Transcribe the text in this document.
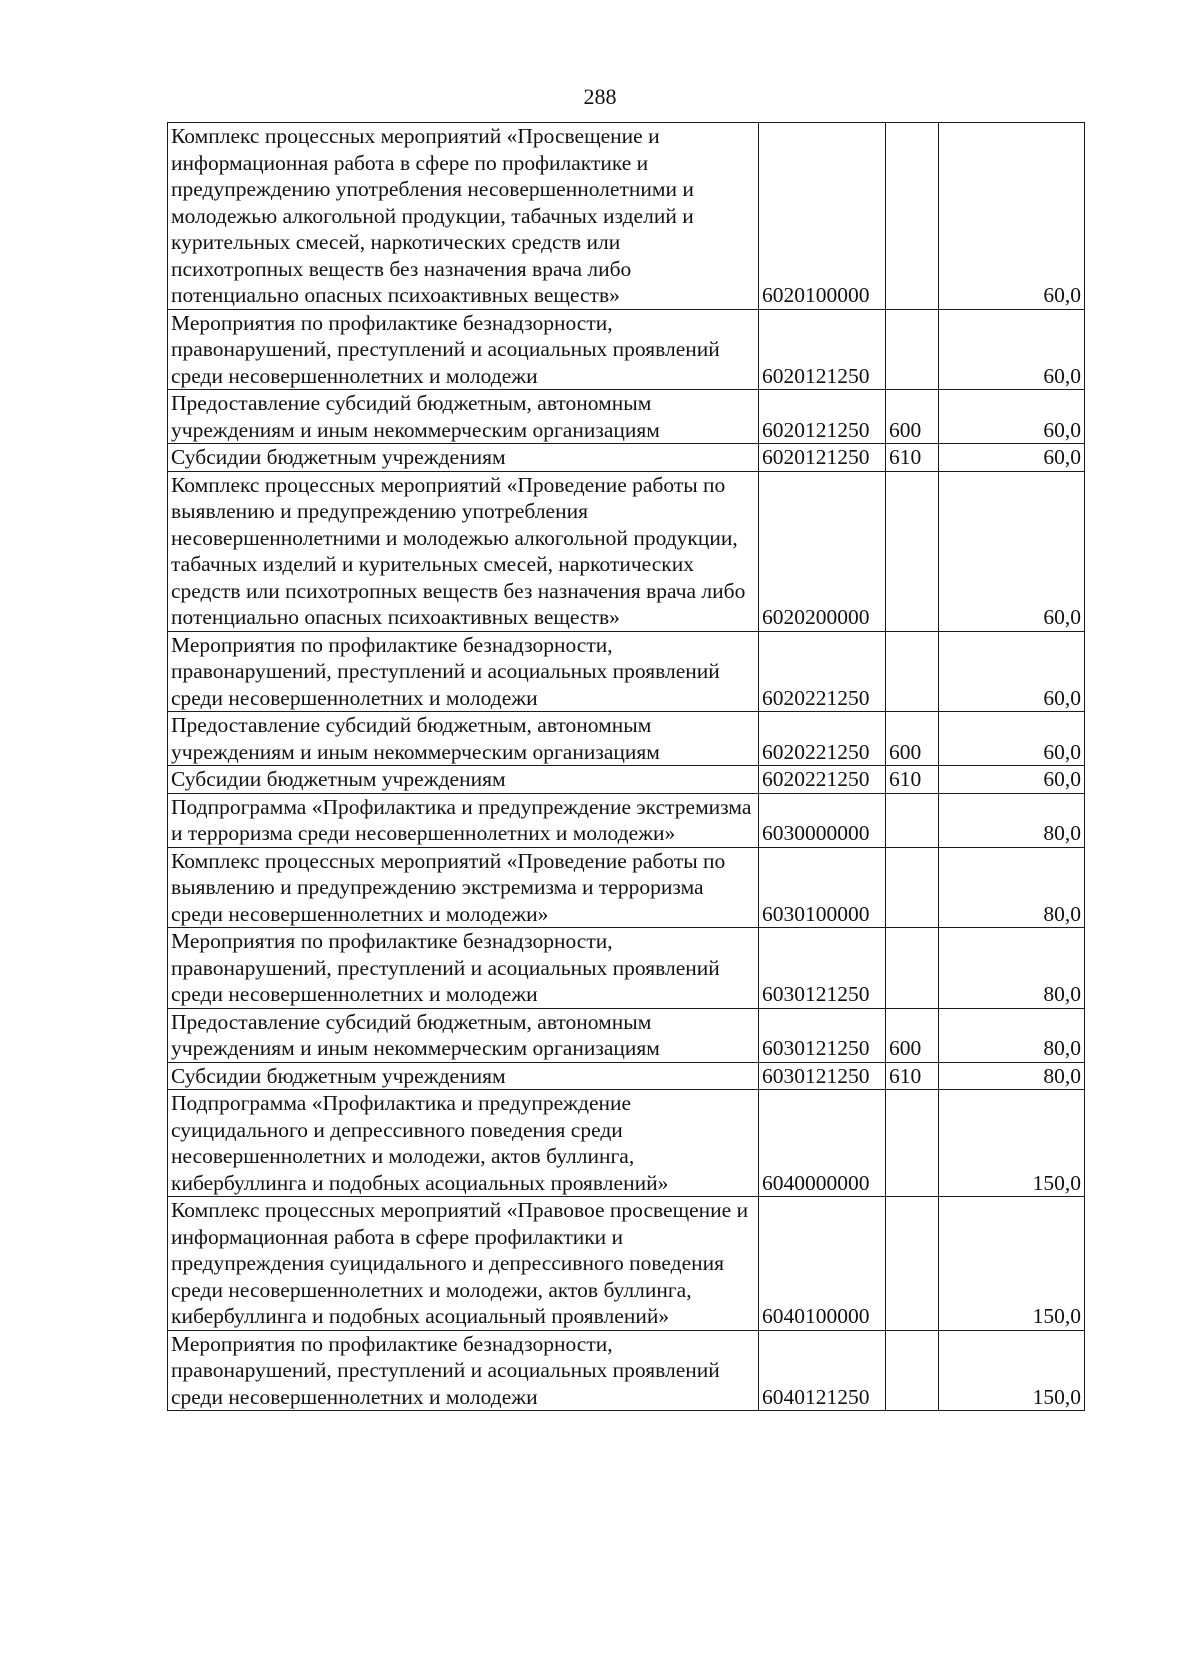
288
Комплекс процессных мероприятий «Просвещение и информационная работа в сфере по профилактике и предупреждению употребления несовершеннолетними и молодежью алкогольной продукции, табачных изделий и курительных смесей, наркотических средств или психотропных веществ без назначения врача либо потенциально опасных психоактивных веществ»	6020100000		60,0
Мероприятия по профилактике безнадзорности, правонарушений, преступлений и асоциальных проявлений среди несовершеннолетних и молодежи	6020121250		60,0
Предоставление субсидий бюджетным, автономным учреждениям и иным некоммерческим организациям	6020121250	600	60,0
Субсидии бюджетным учреждениям	6020121250	610	60,0
Комплекс процессных мероприятий «Проведение работы по выявлению и предупреждению употребления несовершеннолетними и молодежью алкогольной продукции, табачных изделий и курительных смесей, наркотических средств или психотропных веществ без назначения врача либо потенциально опасных психоактивных веществ»	6020200000		60,0
Мероприятия по профилактике безнадзорности, правонарушений, преступлений и асоциальных проявлений среди несовершеннолетних и молодежи	6020221250		60,0
Предоставление субсидий бюджетным, автономным учреждениям и иным некоммерческим организациям	6020221250	600	60,0
Субсидии бюджетным учреждениям	6020221250	610	60,0
Подпрограмма «Профилактика и предупреждение экстремизма и терроризма среди несовершеннолетних и молодежи»	6030000000		80,0
Комплекс процессных мероприятий «Проведение работы по выявлению и предупреждению экстремизма и терроризма среди несовершеннолетних и молодежи»	6030100000		80,0
Мероприятия по профилактике безнадзорности, правонарушений, преступлений и асоциальных проявлений среди несовершеннолетних и молодежи	6030121250		80,0
Предоставление субсидий бюджетным, автономным учреждениям и иным некоммерческим организациям	6030121250	600	80,0
Субсидии бюджетным учреждениям	6030121250	610	80,0
Подпрограмма «Профилактика и предупреждение суицидального и депрессивного поведения среди несовершеннолетних и молодежи, актов буллинга, кибербуллинга и подобных асоциальных проявлений»	6040000000		150,0
Комплекс процессных мероприятий «Правовое просвещение и информационная работа в сфере профилактики и предупреждения суицидального и депрессивного поведения среди несовершеннолетних и молодежи, актов буллинга, кибербуллинга и подобных асоциальный проявлений»	6040100000		150,0
Мероприятия по профилактике безнадзорности, правонарушений, преступлений и асоциальных проявлений среди несовершеннолетних и молодежи	6040121250		150,0
